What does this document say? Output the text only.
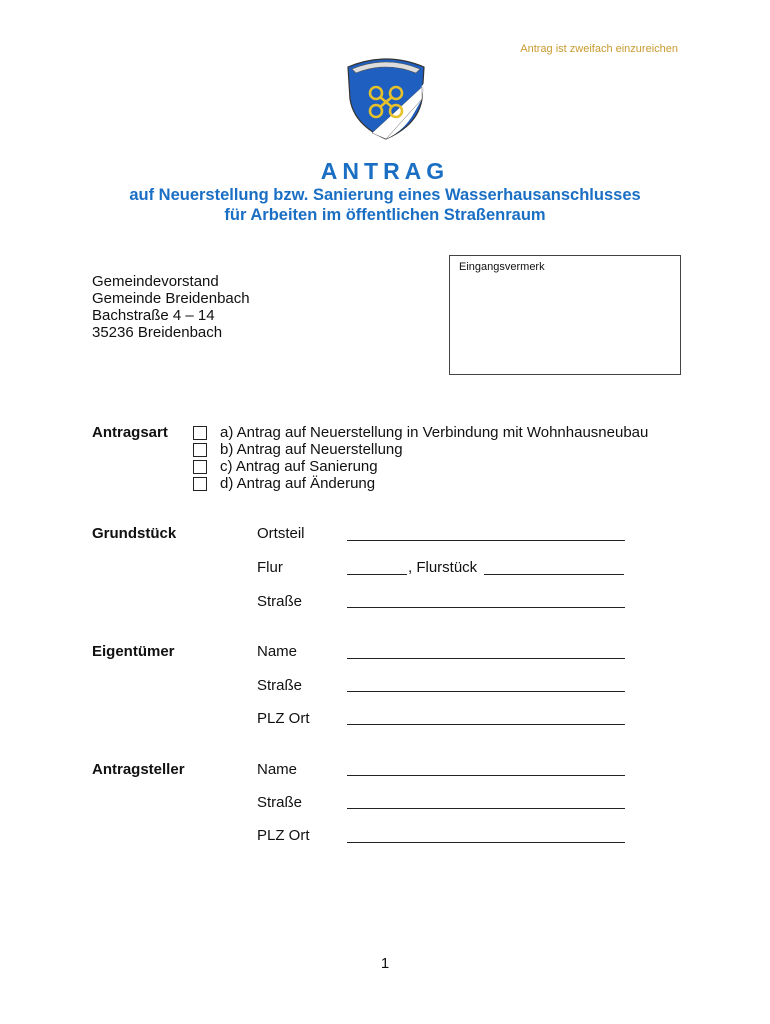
Antrag ist zweifach einzureichen
ANTRAG
auf Neuerstellung bzw. Sanierung eines Wasserhausanschlusses
für Arbeiten im öffentlichen Straßenraum
Gemeindevorstand
Gemeinde Breidenbach
Bachstraße 4 – 14
35236 Breidenbach
Eingangsvermerk
Antragsart	a) Antrag auf Neuerstellung in Verbindung mit Wohnhausneubau
b) Antrag auf Neuerstellung
c) Antrag auf Sanierung
d) Antrag auf Änderung
Grundstück	Ortsteil
Flur	, Flurstück
Straße
Eigentümer	Name
Straße
PLZ Ort
Antragsteller	Name
Straße
PLZ Ort
1
